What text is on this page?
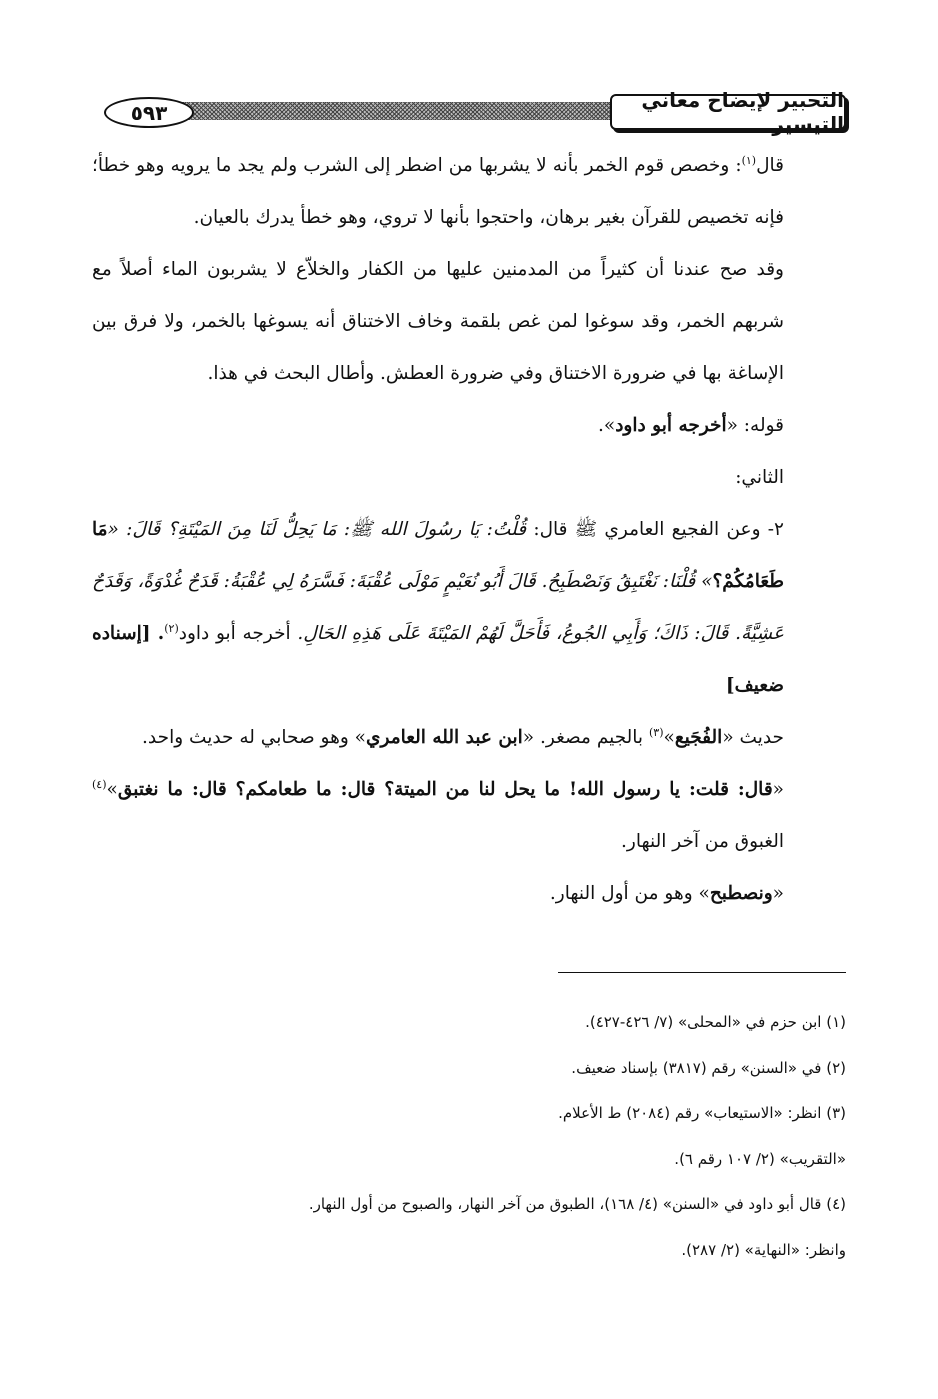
٥٩٣
التحبير لإيضاح معاني التيسير

قال$^{(١)}$: وخصص قوم الخمر بأنه لا يشربها من اضطر إلى الشرب ولم يجد ما يرويه وهو خطأ؛ فإنه تخصيص للقرآن بغير برهان، واحتجوا بأنها لا تروي، وهو خطأ يدرك بالعيان.

وقد صح عندنا أن كثيراً من المدمنين عليها من الكفار والخلاّع لا يشربون الماء أصلاً مع شربهم الخمر، وقد سوغوا لمن غص بلقمة وخاف الاختناق أنه يسوغها بالخمر، ولا فرق بين الإساغة بها في ضرورة الاختناق وفي ضرورة العطش. وأطال البحث في هذا.

قوله: «أخرجه أبو داود».

الثاني:

٢- وعن الفجيع العامري ﷺ قال: قُلْتُ: يَا رسُولَ الله ﷺ: مَا يَحِلُّ لَنَا مِنَ المَيْتَةِ؟ قَالَ: «مَا طَعَامُكُمْ؟» قُلْنَا: نَغْتَبِقُ وَنَصْطَبِحُ. قَالَ أَبُو نُعَيْمٍ مَوْلَى عُقْبَةَ: فَسَّرَهُ لِي عُقْبَةُ: قَدَحٌ غُدْوَةً، وَقَدَحٌ عَشِيَّةً. قَالَ: ذَاكَ؛ وَأَبِي الجُوعُ، فَأَحَلَّ لَهُمْ المَيْتَةَ عَلَى هَذِهِ الحَالِ. أخرجه أبو داود$^{(٢)}$. [إسناده ضعيف]

حديث «الفُجَيع»$^{(٣)}$ بالجيم مصغر. «ابن عبد الله العامري» وهو صحابي له حديث واحد.

«قال: قلت: يا رسول الله! ما يحل لنا من الميتة؟ قال: ما طعامكم؟ قال: ما نغتبق»$^{(٤)}$ الغبوق من آخر النهار.

«ونصطبح» وهو من أول النهار.

(١) ابن حزم في «المحلى» (٧/ ٤٢٦-٤٢٧).

(٢) في «السنن» رقم (٣٨١٧) بإسناد ضعيف.

(٣) انظر: «الاستيعاب» رقم (٢٠٨٤) ط الأعلام.

«التقريب» (٢/ ١٠٧ رقم ٦).

(٤) قال أبو داود في «السنن» (٤/ ١٦٨)، الطبوق من آخر النهار، والصبوح من أول النهار.

وانظر: «النهاية» (٢/ ٢٨٧).
